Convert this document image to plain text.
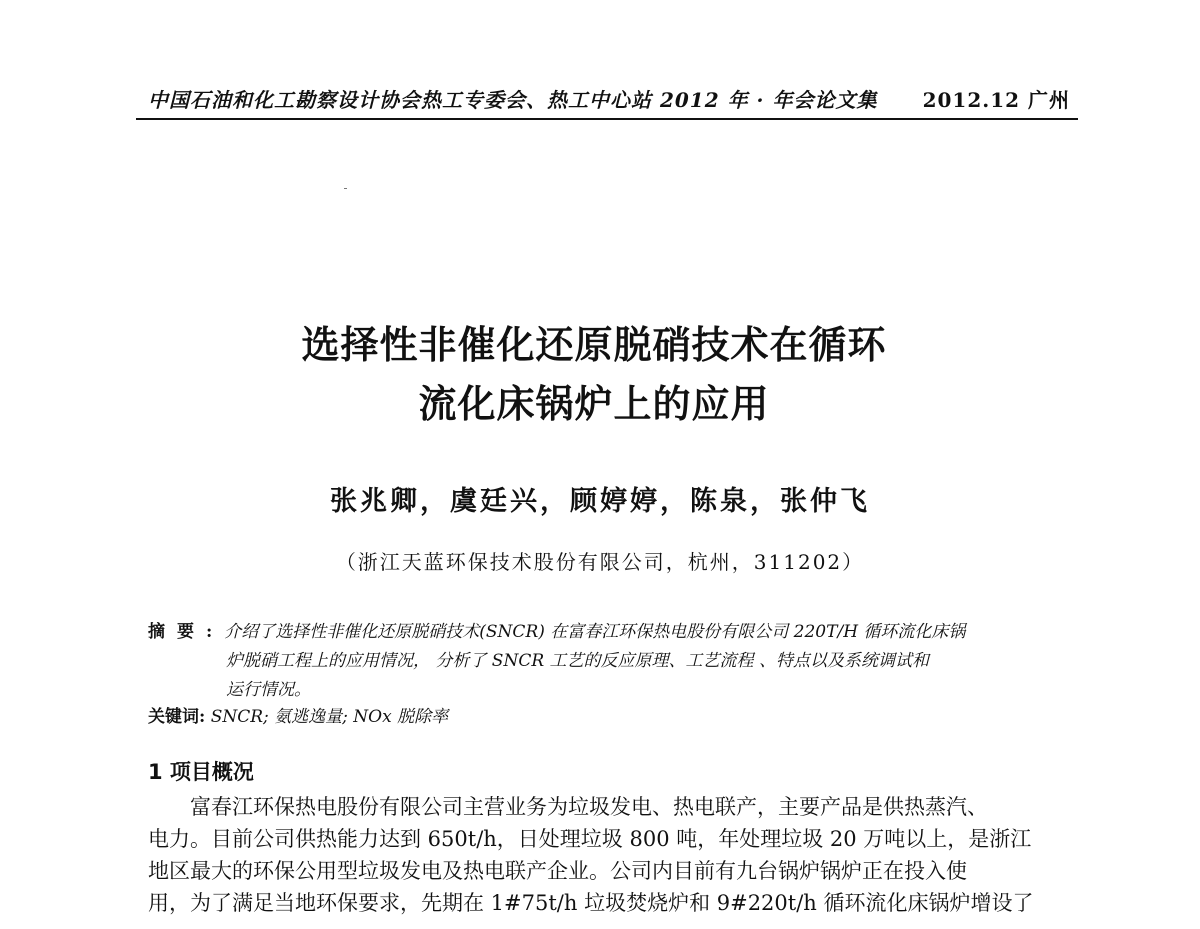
中国石油和化工勘察设计协会热工专委会、热工中心站 2012 年 · 年会论文集 2012.12 广州
选择性非催化还原脱硝技术在循环
流化床锅炉上的应用
张兆卿，虞廷兴，顾婷婷，陈泉，张仲飞
（浙江天蓝环保技术股份有限公司，杭州，311202）
摘要:介绍了选择性非催化还原脱硝技术(SNCR) 在富春江环保热电股份有限公司 220T/H 循环流化床锅
炉脱硝工程上的应用情况， 分析了 SNCR 工艺的反应原理、工艺流程 、特点以及系统调试和
运行情况。
关键词: SNCR; 氨逃逸量; NOx 脱除率
1 项目概况
富春江环保热电股份有限公司主营业务为垃圾发电、热电联产，主要产品是供热蒸汽、
电力。目前公司供热能力达到 650t/h，日处理垃圾 800 吨，年处理垃圾 20 万吨以上，是浙江
地区最大的环保公用型垃圾发电及热电联产企业。公司内目前有九台锅炉锅炉正在投入使
用，为了满足当地环保要求，先期在 1#75t/h 垃圾焚烧炉和 9#220t/h 循环流化床锅炉增设了
